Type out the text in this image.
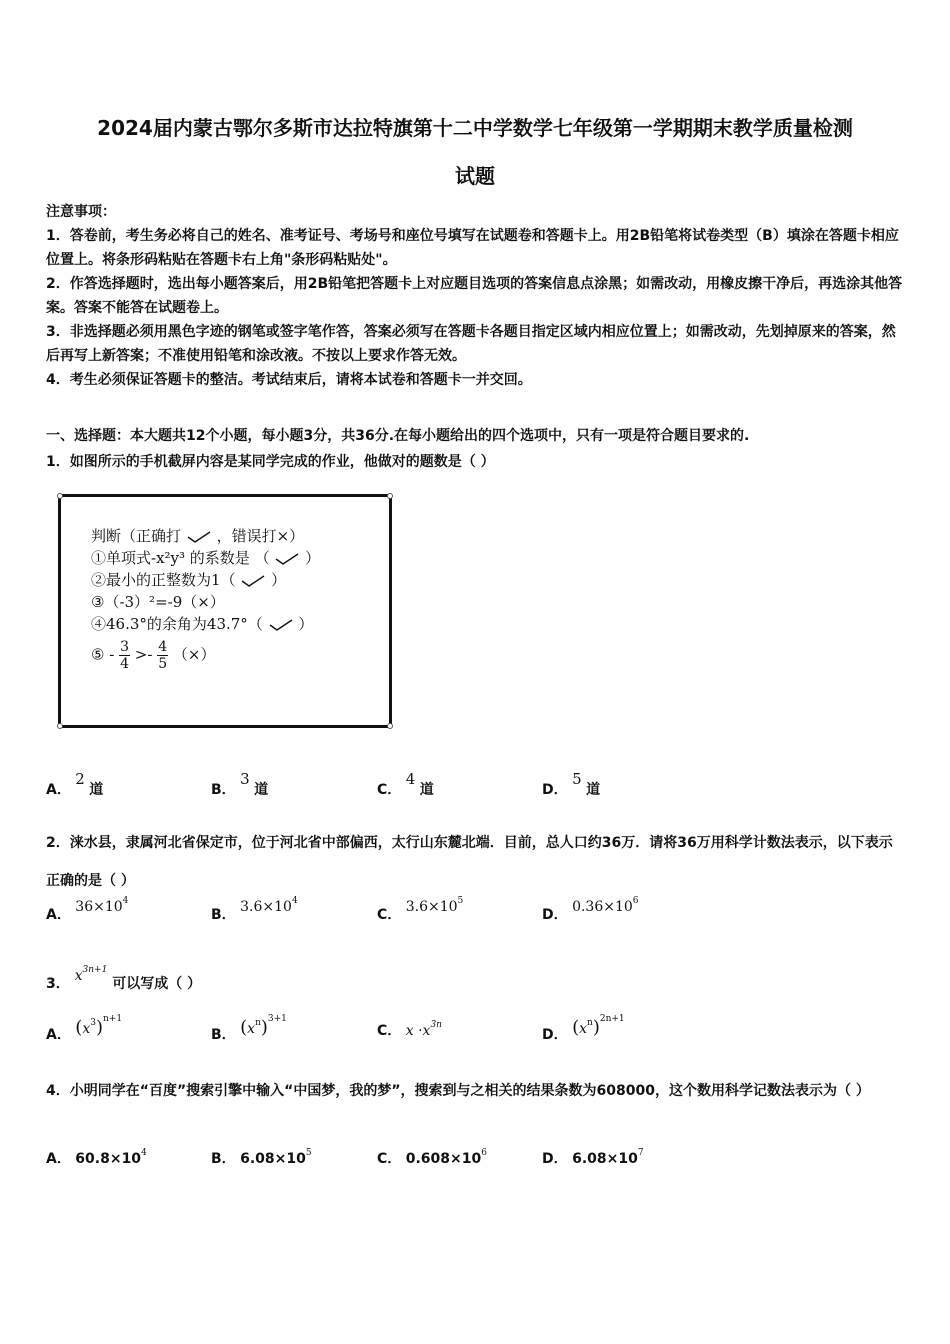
2024届内蒙古鄂尔多斯市达拉特旗第十二中学数学七年级第一学期期末教学质量检测
试题

注意事项：

1．答卷前，考生务必将自己的姓名、准考证号、考场号和座位号填写在试题卷和答题卡上。用2B铅笔将试卷类型（B）填涂在答题卡相应位置上。将条形码粘贴在答题卡右上角"条形码粘贴处"。

2．作答选择题时，选出每小题答案后，用2B铅笔把答题卡上对应题目选项的答案信息点涂黑；如需改动，用橡皮擦干净后，再选涂其他答案。答案不能答在试题卷上。

3．非选择题必须用黑色字迹的钢笔或签字笔作答，答案必须写在答题卡各题目指定区域内相应位置上；如需改动，先划掉原来的答案，然后再写上新答案；不准使用铅笔和涂改液。不按以上要求作答无效。

4．考生必须保证答题卡的整洁。考试结束后，请将本试卷和答题卡一并交回。

一、选择题：本大题共12个小题，每小题3分，共36分.在每小题给出的四个选项中，只有一项是符合题目要求的.
1．如图所示的手机截屏内容是某同学完成的作业，他做对的题数是（ ）
判断（正确打 ，错误打×）
①单项式-x²y³ 的系数是 （ ）
②最小的正整数为1（ ）
③（-3）²=-9（×）
④46.3°的余角为43.7°（ ）
⑤ - $\frac{3}{4} >- \frac{4}{5}$ （×）
A． 2 道	B． 3 道	C． 4 道	D． 5 道
2．涞水县，隶属河北省保定市，位于河北省中部偏西，太行山东麓北端．目前，总人口约36万．请将36万用科学计数法表示，以下表示正确的是（ ）
A． $36\times 10^4$
B． $3.6\times 10^4$
C． $3.6\times 10^5$
D． $0.36\times 10^6$
3． $x^{3n+1}$ 可以写成（ ）
A． $(x^3)^{n+1}$
B． $(x^n)^{3+1}$
C． $x \cdot x^{3n}$
D． $(x^n)^{2n+1}$
4．小明同学在“百度”搜索引擎中输入“中国梦，我的梦”，搜索到与之相关的结果条数为608000，这个数用科学记数法表示为（ ）
A． $60.8\times 10^4$	B． $6.08\times 10^5$	C． $0.608\times 10^6$	D． $6.08\times 10^7$
